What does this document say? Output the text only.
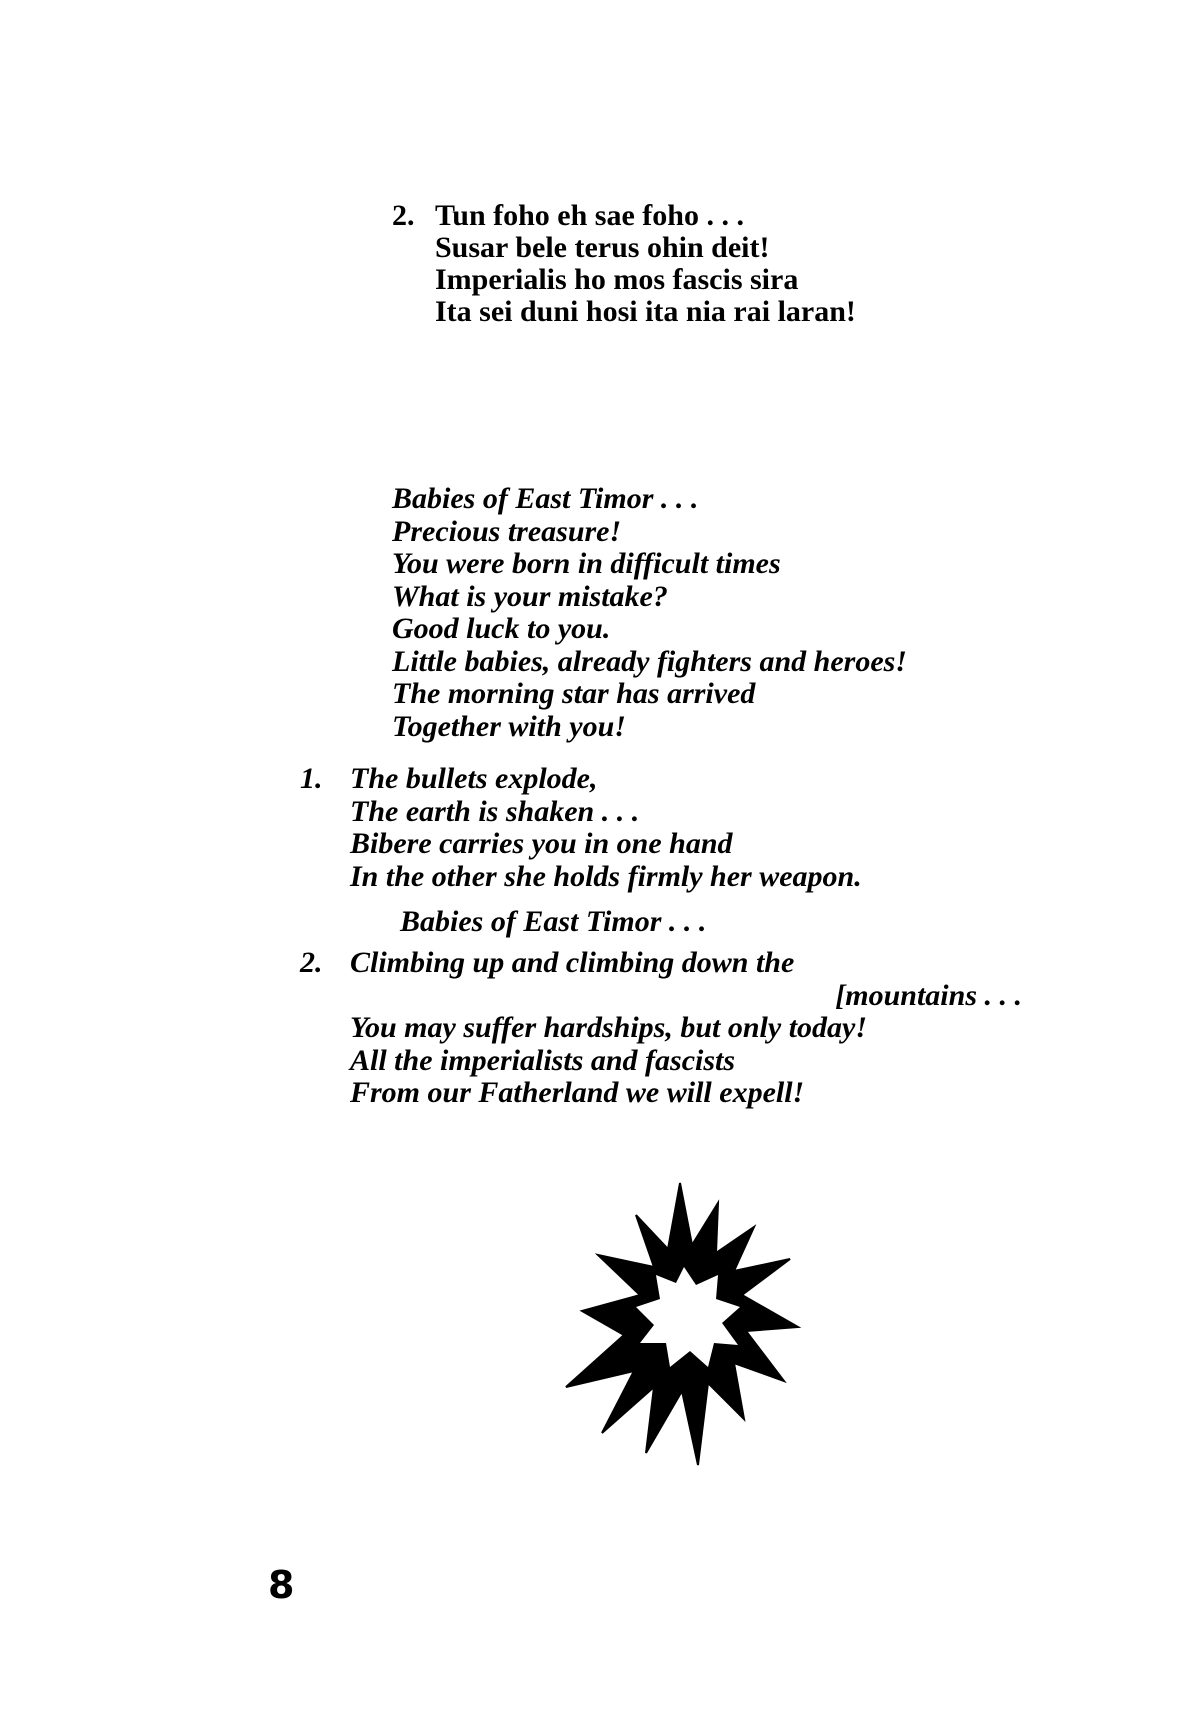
2. Tun foho eh sae foho . . .
Susar bele terus ohin deit!
Imperialis ho mos fascis sira
Ita sei duni hosi ita nia rai laran!
Babies of East Timor . . .
Precious treasure!
You were born in difficult times
What is your mistake?
Good luck to you.
Little babies, already fighters and heroes!
The morning star has arrived
Together with you!
1. The bullets explode,
The earth is shaken . . .
Bibere carries you in one hand
In the other she holds firmly her weapon.
Babies of East Timor . . .
2. Climbing up and climbing down the
[mountains . . .
You may suffer hardships, but only today!
All the imperialists and fascists
From our Fatherland we will expell!
8
